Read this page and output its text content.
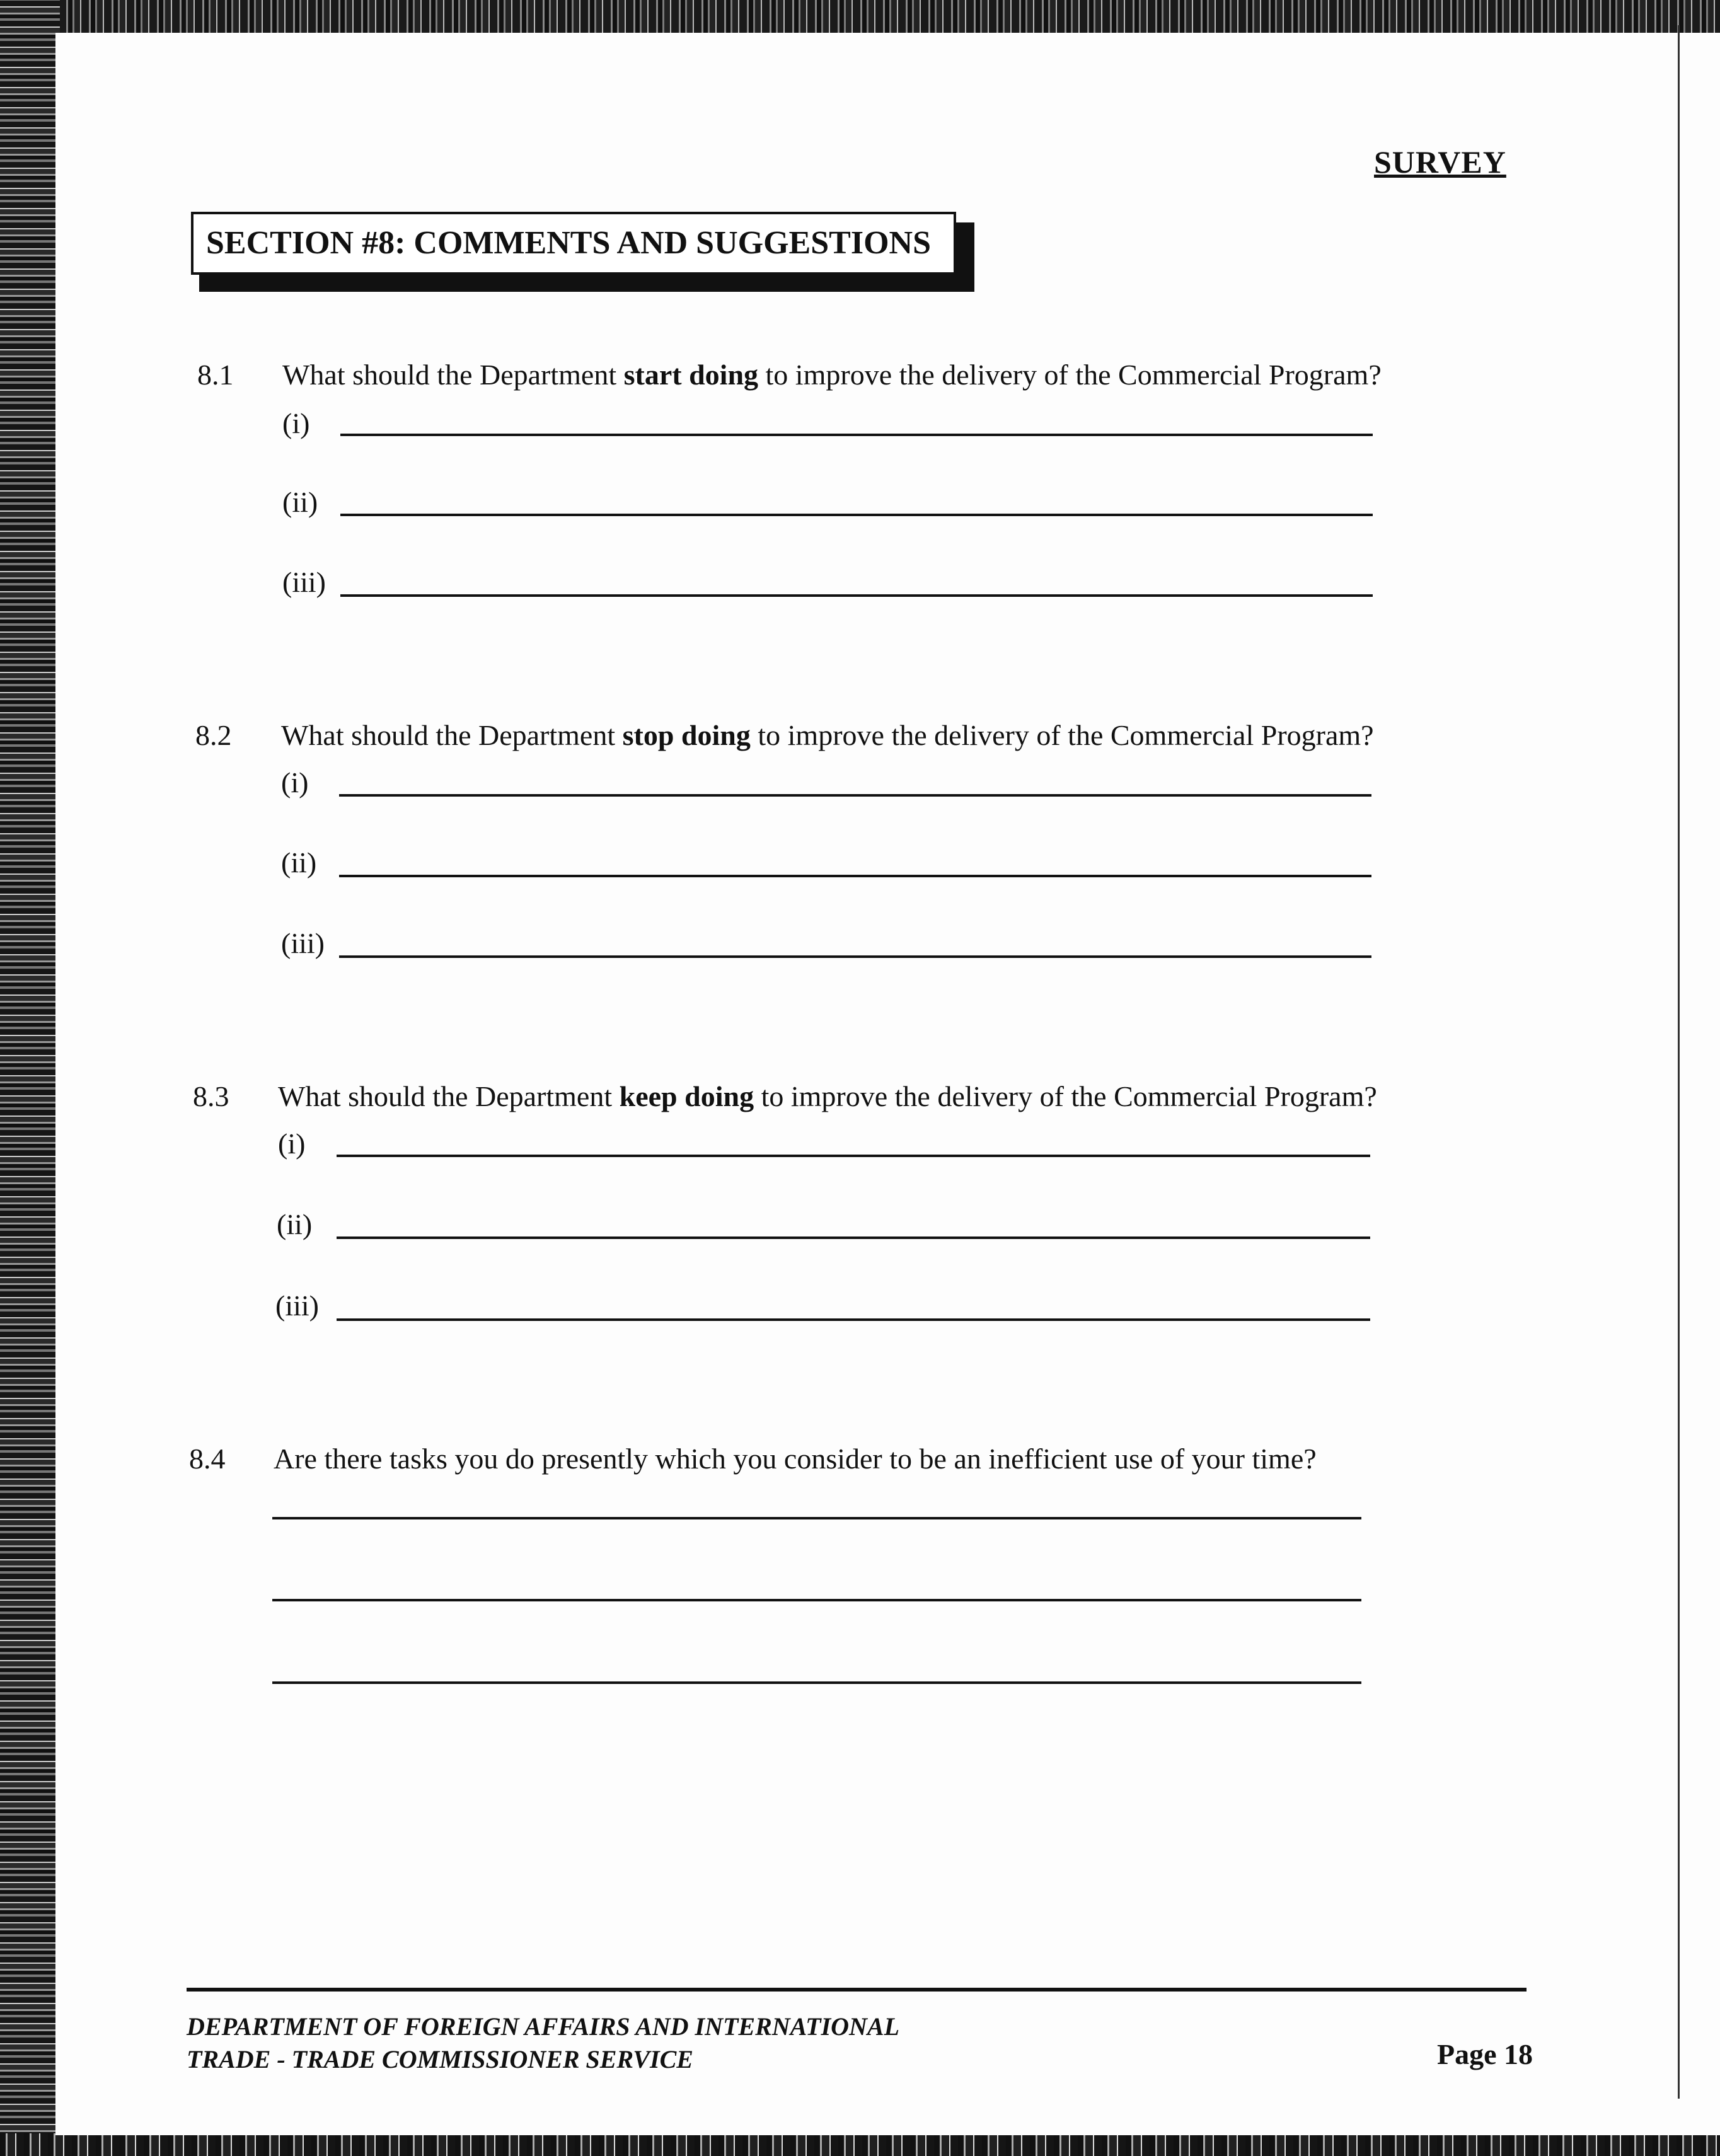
SURVEY
SECTION #8: COMMENTS AND SUGGESTIONS
8.1 What should the Department start doing to improve the delivery of the Commercial Program?
(i)
(ii)
(iii)
8.2 What should the Department stop doing to improve the delivery of the Commercial Program?
(i)
(ii)
(iii)
8.3 What should the Department keep doing to improve the delivery of the Commercial Program?
(i)
(ii)
(iii)
8.4 Are there tasks you do presently which you consider to be an inefficient use of your time?
DEPARTMENT OF FOREIGN AFFAIRS AND INTERNATIONAL
TRADE - TRADE COMMISSIONER SERVICE	Page 18
